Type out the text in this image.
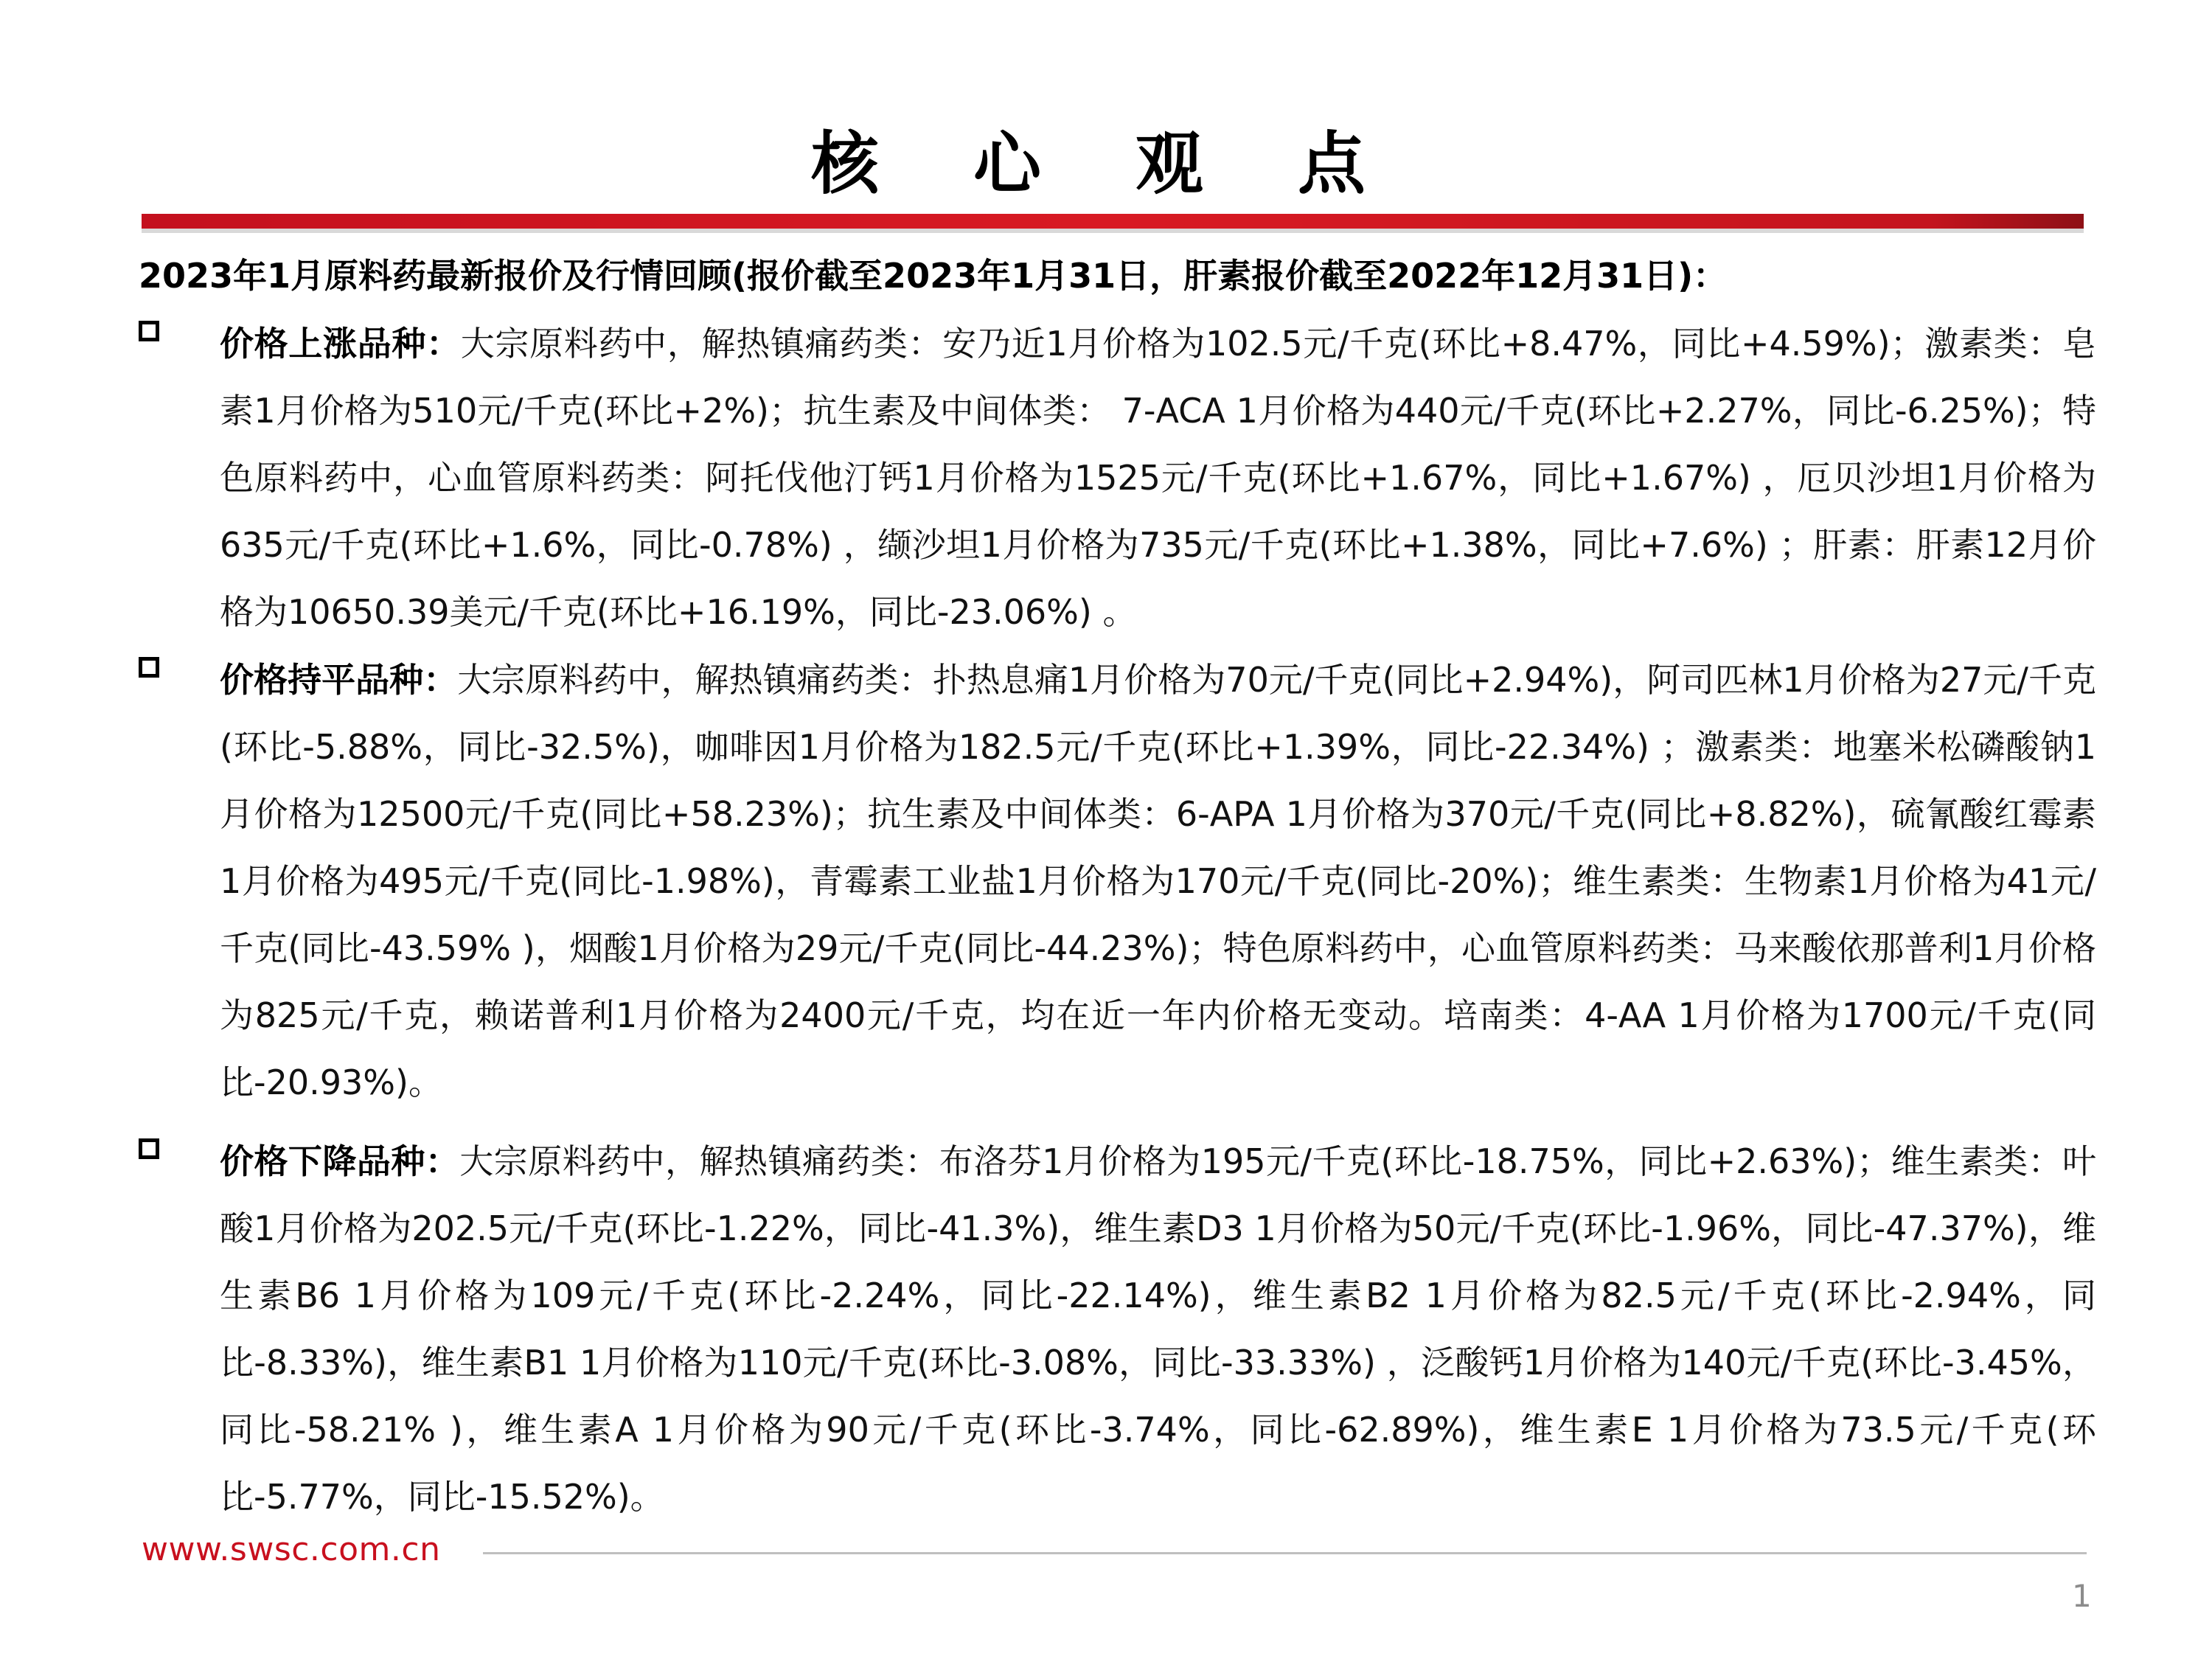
核 心 观 点
2023年1月原料药最新报价及行情回顾(报价截至2023年1月31日，肝素报价截至2022年12月31日)：
价格上涨品种：大宗原料药中，解热镇痛药类：安乃近1月价格为102.5元/千克(环比+8.47%，同比+4.59%)；激素类：皂素1月价格为510元/千克(环比+2%)；抗生素及中间体类： 7-ACA 1月价格为440元/千克(环比+2.27%，同比-6.25%)；特色原料药中，心血管原料药类：阿托伐他汀钙1月价格为1525元/千克(环比+1.67%，同比+1.67%) ，厄贝沙坦1月价格为635元/千克(环比+1.6%，同比-0.78%) ，缬沙坦1月价格为735元/千克(环比+1.38%，同比+7.6%) ；肝素：肝素12月价格为10650.39美元/千克(环比+16.19%，同比-23.06%) 。
价格持平品种：大宗原料药中，解热镇痛药类：扑热息痛1月价格为70元/千克(同比+2.94%)，阿司匹林1月价格为27元/千克(环比-5.88%，同比-32.5%)，咖啡因1月价格为182.5元/千克(环比+1.39%，同比-22.34%) ；激素类：地塞米松磷酸钠1月价格为12500元/千克(同比+58.23%)；抗生素及中间体类：6-APA 1月价格为370元/千克(同比+8.82%)，硫氰酸红霉素1月价格为495元/千克(同比-1.98%)，青霉素工业盐1月价格为170元/千克(同比-20%)；维生素类：生物素1月价格为41元/千克(同比-43.59% )，烟酸1月价格为29元/千克(同比-44.23%)；特色原料药中，心血管原料药类：马来酸依那普利1月价格为825元/千克，赖诺普利1月价格为2400元/千克，均在近一年内价格无变动。培南类：4-AA 1月价格为1700元/千克(同比-20.93%)。
价格下降品种：大宗原料药中，解热镇痛药类：布洛芬1月价格为195元/千克(环比-18.75%，同比+2.63%)；维生素类：叶酸1月价格为202.5元/千克(环比-1.22%，同比-41.3%)，维生素D3 1月价格为50元/千克(环比-1.96%，同比-47.37%)，维生素B6 1月价格为109元/千克(环比-2.24%，同比-22.14%)，维生素B2 1月价格为82.5元/千克(环比-2.94%，同比-8.33%)，维生素B1 1月价格为110元/千克(环比-3.08%，同比-33.33%) ，泛酸钙1月价格为140元/千克(环比-3.45%，同比-58.21% )，维生素A 1月价格为90元/千克(环比-3.74%，同比-62.89%)，维生素E 1月价格为73.5元/千克(环比-5.77%，同比-15.52%)。
www.swsc.com.cn
1
